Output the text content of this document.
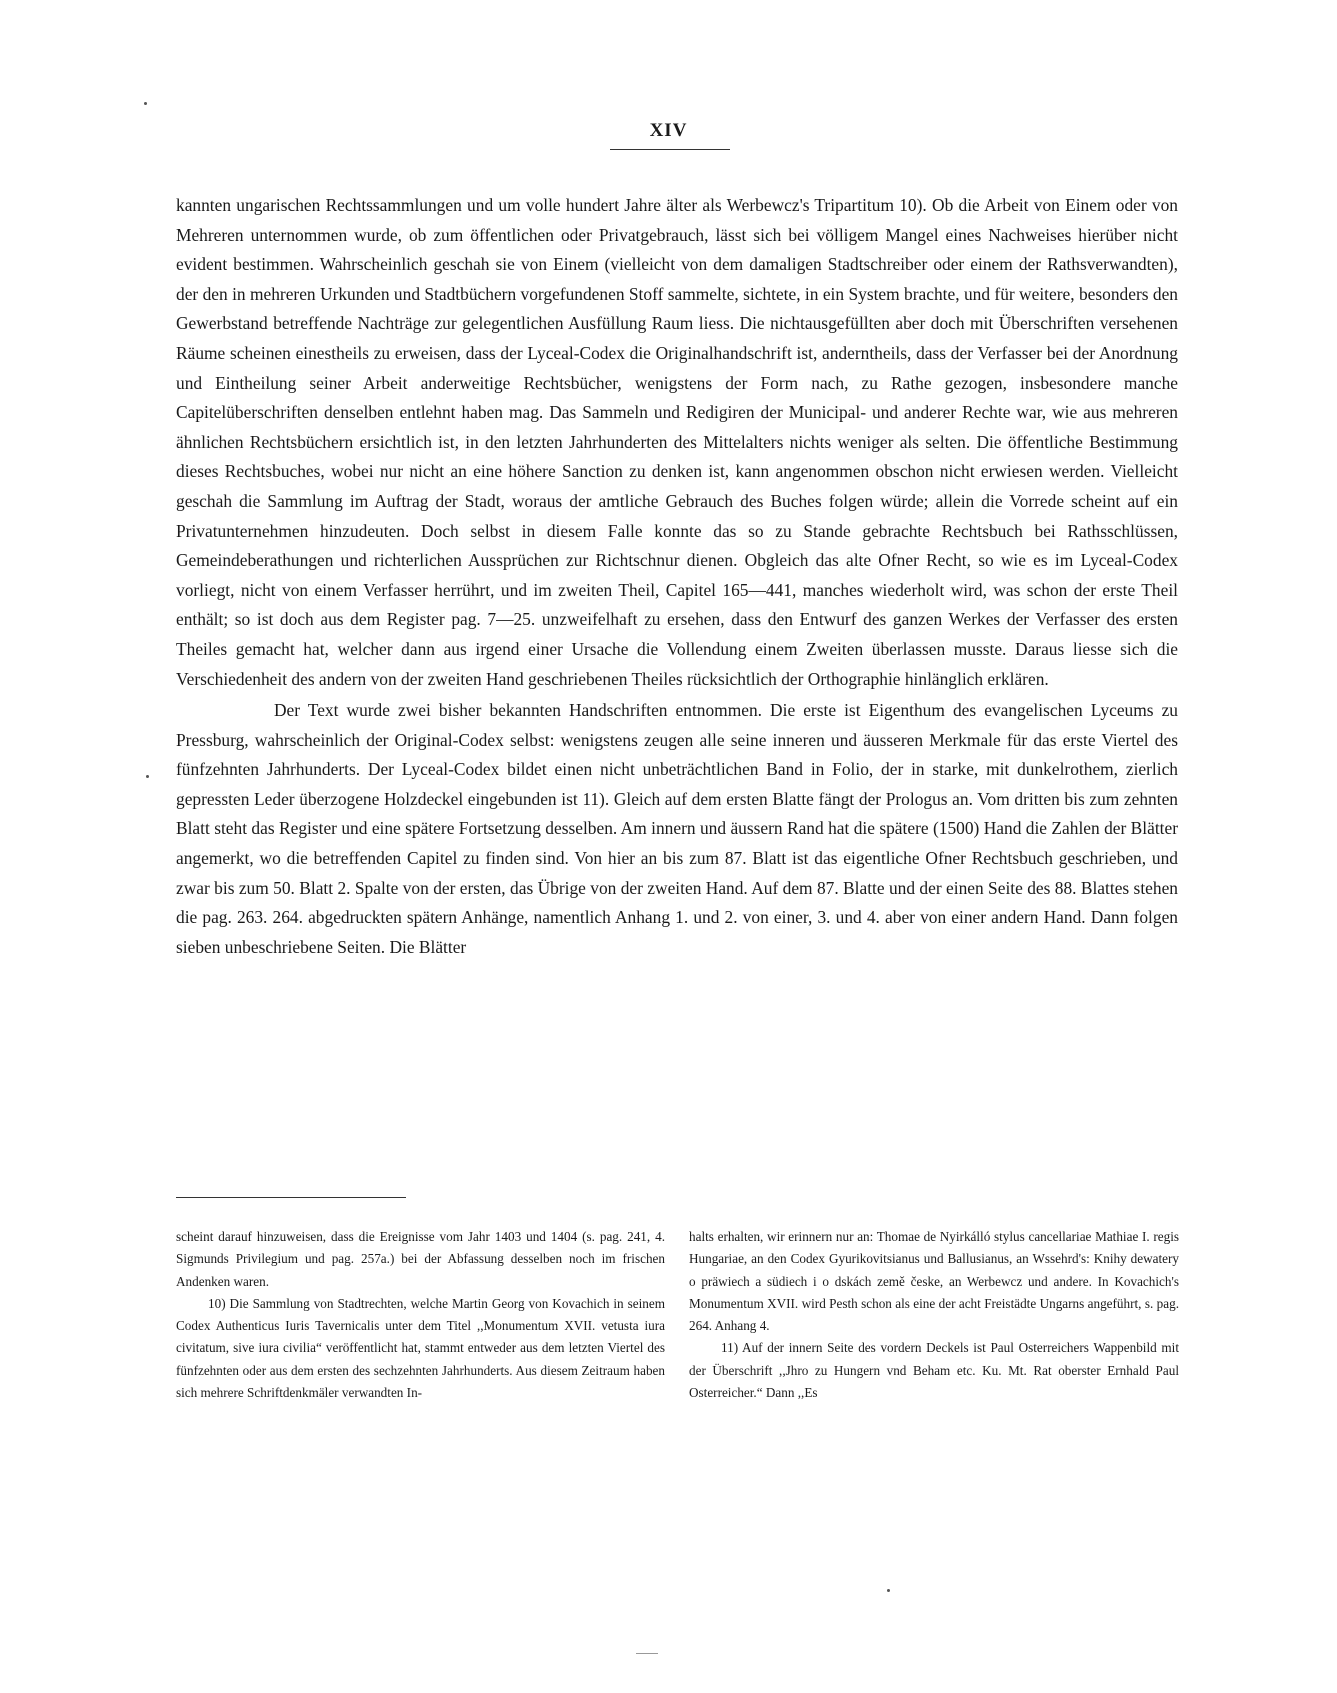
XIV

kannten ungarischen Rechtssammlungen und um volle hundert Jahre älter als Werbewcz's Tripartitum 10). Ob die Arbeit von Einem oder von Mehreren unternommen wurde, ob zum öffentlichen oder Privatgebrauch, lässt sich bei völligem Mangel eines Nachweises hierüber nicht evident bestimmen. Wahrscheinlich geschah sie von Einem (vielleicht von dem damaligen Stadtschreiber oder einem der Rathsverwandten), der den in mehreren Urkunden und Stadtbüchern vorgefundenen Stoff sammelte, sichtete, in ein System brachte, und für weitere, besonders den Gewerbstand betreffende Nachträge zur gelegentlichen Ausfüllung Raum liess. Die nichtausgefüllten aber doch mit Überschriften versehenen Räume scheinen einestheils zu erweisen, dass der Lyceal-Codex die Originalhandschrift ist, anderntheils, dass der Verfasser bei der Anordnung und Eintheilung seiner Arbeit anderweitige Rechtsbücher, wenigstens der Form nach, zu Rathe gezogen, insbesondere manche Capitelüberschriften denselben entlehnt haben mag. Das Sammeln und Redigiren der Municipal- und anderer Rechte war, wie aus mehreren ähnlichen Rechtsbüchern ersichtlich ist, in den letzten Jahrhunderten des Mittelalters nichts weniger als selten. Die öffentliche Bestimmung dieses Rechtsbuches, wobei nur nicht an eine höhere Sanction zu denken ist, kann angenommen obschon nicht erwiesen werden. Vielleicht geschah die Sammlung im Auftrag der Stadt, woraus der amtliche Gebrauch des Buches folgen würde; allein die Vorrede scheint auf ein Privatunternehmen hinzudeuten. Doch selbst in diesem Falle konnte das so zu Stande gebrachte Rechtsbuch bei Rathsschlüssen, Gemeindeberathungen und richterlichen Aussprüchen zur Richtschnur dienen. Obgleich das alte Ofner Recht, so wie es im Lyceal-Codex vorliegt, nicht von einem Verfasser herrührt, und im zweiten Theil, Capitel 165—441, manches wiederholt wird, was schon der erste Theil enthält; so ist doch aus dem Register pag. 7—25. unzweifelhaft zu ersehen, dass den Entwurf des ganzen Werkes der Verfasser des ersten Theiles gemacht hat, welcher dann aus irgend einer Ursache die Vollendung einem Zweiten überlassen musste. Daraus liesse sich die Verschiedenheit des andern von der zweiten Hand geschriebenen Theiles rücksichtlich der Orthographie hinlänglich erklären.

Der Text wurde zwei bisher bekannten Handschriften entnommen. Die erste ist Eigenthum des evangelischen Lyceums zu Pressburg, wahrscheinlich der Original-Codex selbst: wenigstens zeugen alle seine inneren und äusseren Merkmale für das erste Viertel des fünfzehnten Jahrhunderts. Der Lyceal-Codex bildet einen nicht unbeträchtlichen Band in Folio, der in starke, mit dunkelrothem, zierlich gepressten Leder überzogene Holzdeckel eingebunden ist 11). Gleich auf dem ersten Blatte fängt der Prologus an. Vom dritten bis zum zehnten Blatt steht das Register und eine spätere Fortsetzung desselben. Am innern und äussern Rand hat die spätere (1500) Hand die Zahlen der Blätter angemerkt, wo die betreffenden Capitel zu finden sind. Von hier an bis zum 87. Blatt ist das eigentliche Ofner Rechtsbuch geschrieben, und zwar bis zum 50. Blatt 2. Spalte von der ersten, das Übrige von der zweiten Hand. Auf dem 87. Blatte und der einen Seite des 88. Blattes stehen die pag. 263. 264. abgedruckten spätern Anhänge, namentlich Anhang 1. und 2. von einer, 3. und 4. aber von einer andern Hand. Dann folgen sieben unbeschriebene Seiten. Die Blätter

scheint darauf hinzuweisen, dass die Ereignisse vom Jahr 1403 und 1404 (s. pag. 241, 4. Sigmunds Privilegium und pag. 257a.) bei der Abfassung desselben noch im frischen Andenken waren.

10) Die Sammlung von Stadtrechten, welche Martin Georg von Kovachich in seinem Codex Authenticus Iuris Tavernicalis unter dem Titel ,,Monumentum XVII. vetusta iura civitatum, sive iura civilia“ veröffentlicht hat, stammt entweder aus dem letzten Viertel des fünfzehnten oder aus dem ersten des sechzehnten Jahrhunderts. Aus diesem Zeitraum haben sich mehrere Schriftdenkmäler verwandten In-

halts erhalten, wir erinnern nur an: Thomae de Nyirkálló stylus cancellariae Mathiae I. regis Hungariae, an den Codex Gyurikovitsianus und Ballusianus, an Wssehrd's: Knihy dewatery o präwiech a südiech i o dskách země česke, an Werbewcz und andere. In Kovachich's Monumentum XVII. wird Pesth schon als eine der acht Freistädte Ungarns angeführt, s. pag. 264. Anhang 4.

11) Auf der innern Seite des vordern Deckels ist Paul Osterreichers Wappenbild mit der Überschrift ,,Jhro zu Hungern vnd Beham etc. Ku. Mt. Rat oberster Ernhald Paul Osterreicher.“ Dann ,,Es
